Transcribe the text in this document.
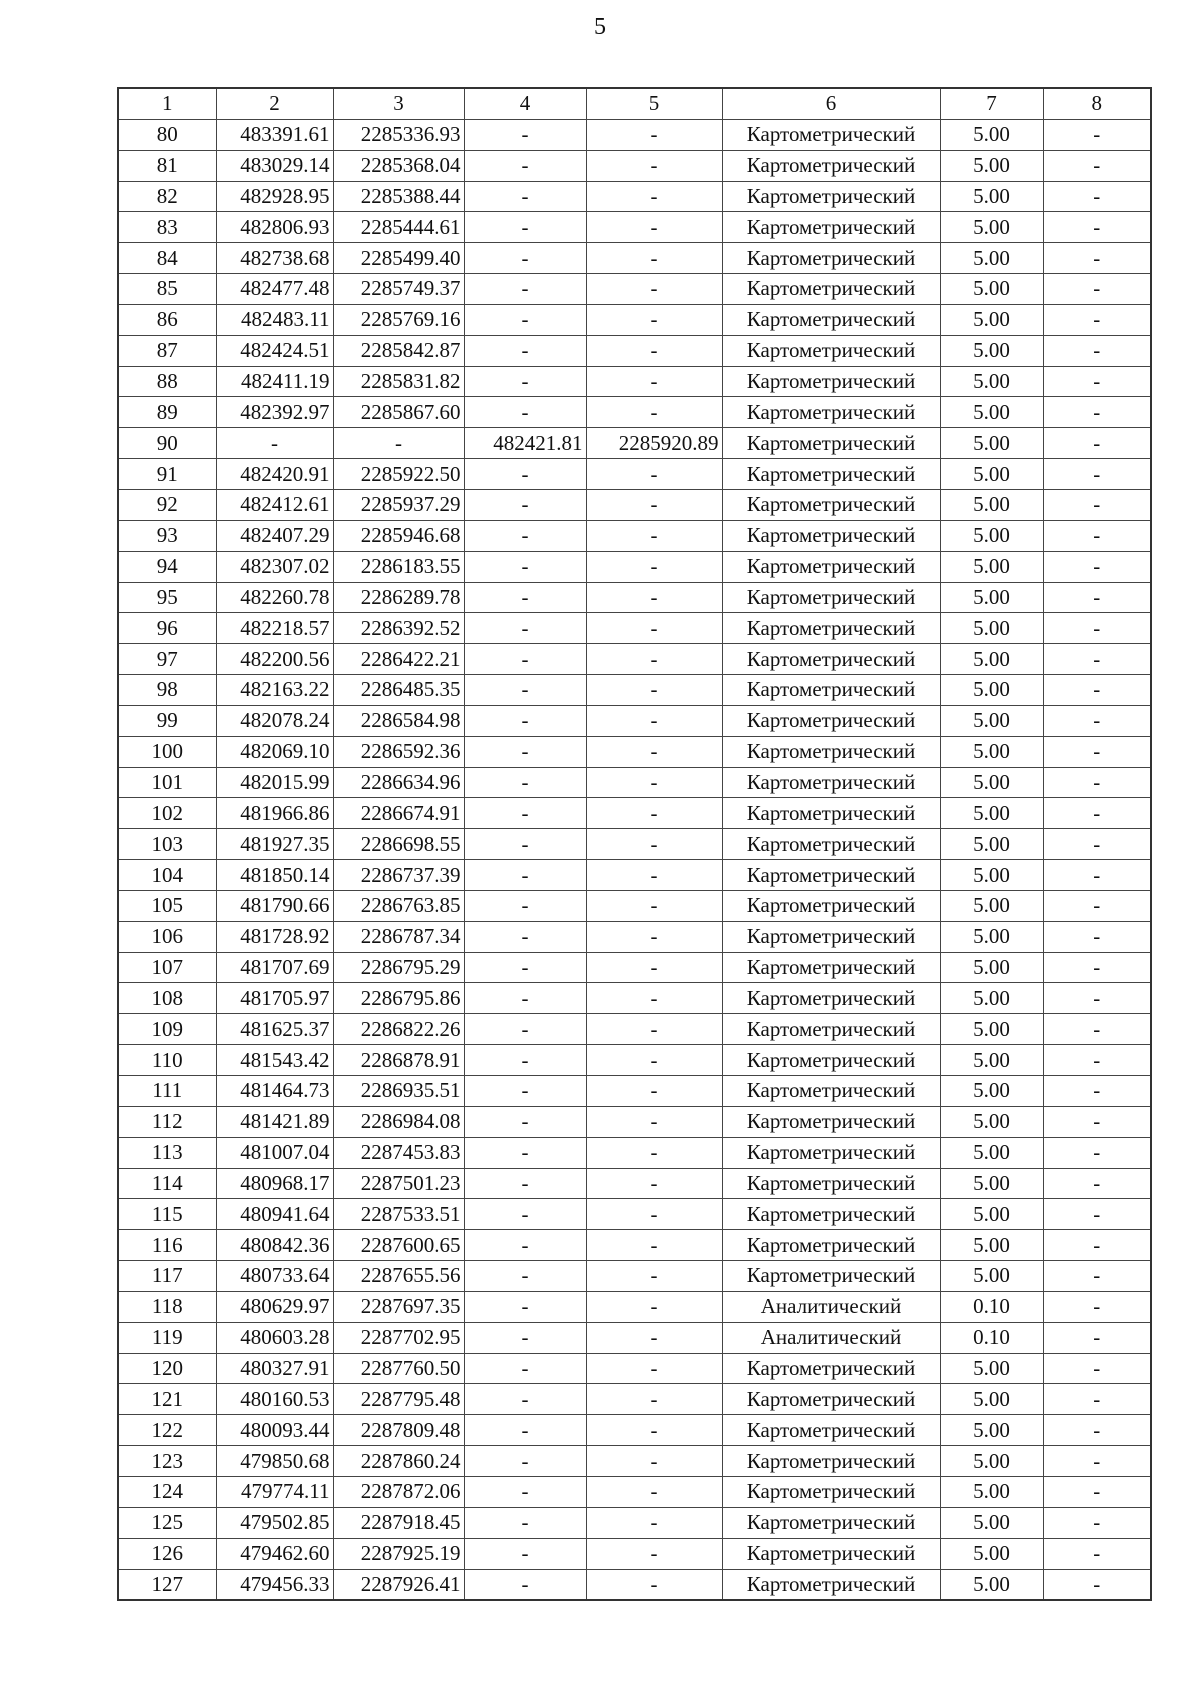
5
1	2	3	4	5	6	7	8
80	483391.61	2285336.93	-	-	Картометрический	5.00	-
81	483029.14	2285368.04	-	-	Картометрический	5.00	-
82	482928.95	2285388.44	-	-	Картометрический	5.00	-
83	482806.93	2285444.61	-	-	Картометрический	5.00	-
84	482738.68	2285499.40	-	-	Картометрический	5.00	-
85	482477.48	2285749.37	-	-	Картометрический	5.00	-
86	482483.11	2285769.16	-	-	Картометрический	5.00	-
87	482424.51	2285842.87	-	-	Картометрический	5.00	-
88	482411.19	2285831.82	-	-	Картометрический	5.00	-
89	482392.97	2285867.60	-	-	Картометрический	5.00	-
90	-	-	482421.81	2285920.89	Картометрический	5.00	-
91	482420.91	2285922.50	-	-	Картометрический	5.00	-
92	482412.61	2285937.29	-	-	Картометрический	5.00	-
93	482407.29	2285946.68	-	-	Картометрический	5.00	-
94	482307.02	2286183.55	-	-	Картометрический	5.00	-
95	482260.78	2286289.78	-	-	Картометрический	5.00	-
96	482218.57	2286392.52	-	-	Картометрический	5.00	-
97	482200.56	2286422.21	-	-	Картометрический	5.00	-
98	482163.22	2286485.35	-	-	Картометрический	5.00	-
99	482078.24	2286584.98	-	-	Картометрический	5.00	-
100	482069.10	2286592.36	-	-	Картометрический	5.00	-
101	482015.99	2286634.96	-	-	Картометрический	5.00	-
102	481966.86	2286674.91	-	-	Картометрический	5.00	-
103	481927.35	2286698.55	-	-	Картометрический	5.00	-
104	481850.14	2286737.39	-	-	Картометрический	5.00	-
105	481790.66	2286763.85	-	-	Картометрический	5.00	-
106	481728.92	2286787.34	-	-	Картометрический	5.00	-
107	481707.69	2286795.29	-	-	Картометрический	5.00	-
108	481705.97	2286795.86	-	-	Картометрический	5.00	-
109	481625.37	2286822.26	-	-	Картометрический	5.00	-
110	481543.42	2286878.91	-	-	Картометрический	5.00	-
111	481464.73	2286935.51	-	-	Картометрический	5.00	-
112	481421.89	2286984.08	-	-	Картометрический	5.00	-
113	481007.04	2287453.83	-	-	Картометрический	5.00	-
114	480968.17	2287501.23	-	-	Картометрический	5.00	-
115	480941.64	2287533.51	-	-	Картометрический	5.00	-
116	480842.36	2287600.65	-	-	Картометрический	5.00	-
117	480733.64	2287655.56	-	-	Картометрический	5.00	-
118	480629.97	2287697.35	-	-	Аналитический	0.10	-
119	480603.28	2287702.95	-	-	Аналитический	0.10	-
120	480327.91	2287760.50	-	-	Картометрический	5.00	-
121	480160.53	2287795.48	-	-	Картометрический	5.00	-
122	480093.44	2287809.48	-	-	Картометрический	5.00	-
123	479850.68	2287860.24	-	-	Картометрический	5.00	-
124	479774.11	2287872.06	-	-	Картометрический	5.00	-
125	479502.85	2287918.45	-	-	Картометрический	5.00	-
126	479462.60	2287925.19	-	-	Картометрический	5.00	-
127	479456.33	2287926.41	-	-	Картометрический	5.00	-
